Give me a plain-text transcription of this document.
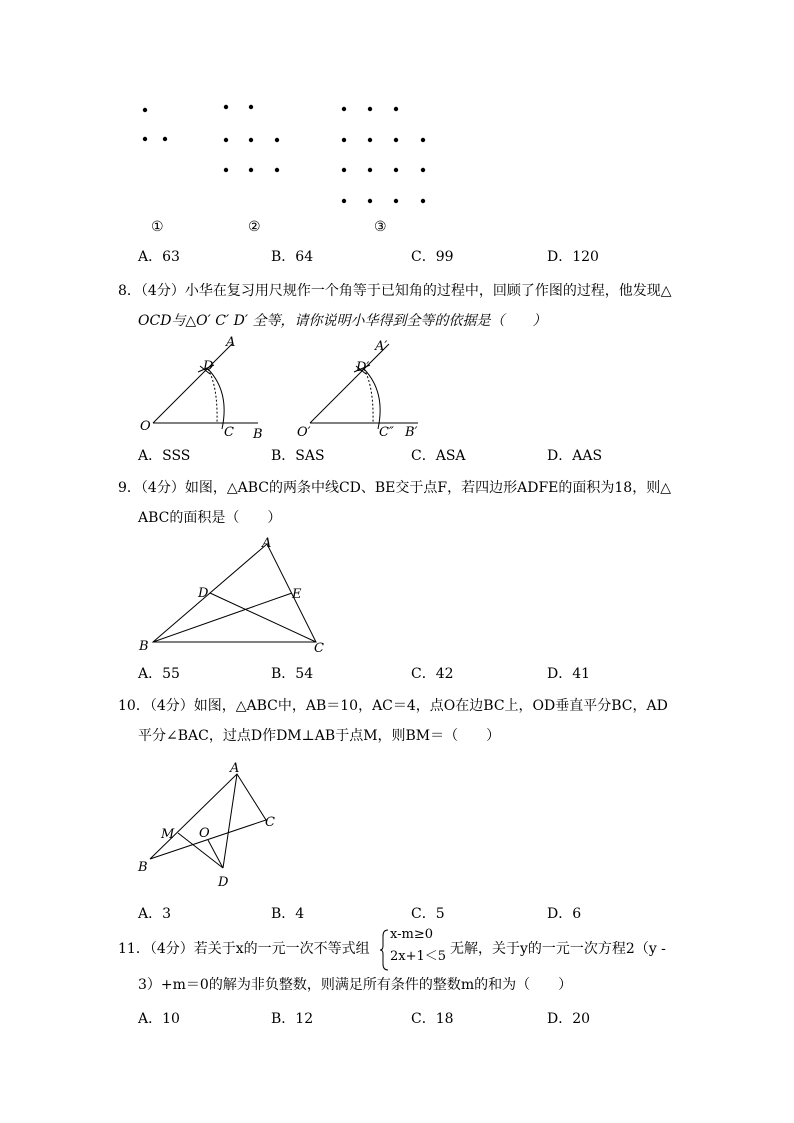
①	②	③
A．63	B．64	C．99	D．120
8．（4分）小华在复习用尺规作一个角等于已知角的过程中，回顾了作图的过程，他发现△
OCD与△O′ C′ D′ 全等，请你说明小华得到全等的依据是（　　）
A
D
O	C B
A′
D′
O′	C″ B′
A．SSS	B．SAS	C．ASA	D．AAS
9．（4分）如图，△ABC的两条中线CD、BE交于点F，若四边形ADFE的面积为18，则△
ABC的面积是（　　）
A
D	E
B	C
A．55	B．54	C．42	D．41
10．（4分）如图，△ABC中，AB＝10，AC＝4，点O在边BC上，OD垂直平分BC，AD
平分∠BAC，过点D作DM⊥AB于点M，则BM＝（　　）
A
M O
C
B
D
A．3	B．4	C．5	D．6
11．（4分）若关于x的一元一次不等式组
x-m≥0
2x+1＜5 无解，关于y的一元一次方程2（y -
3）+m＝0的解为非负整数，则满足所有条件的整数m的和为（　　）
A．10	B．12	C．18	D．20
